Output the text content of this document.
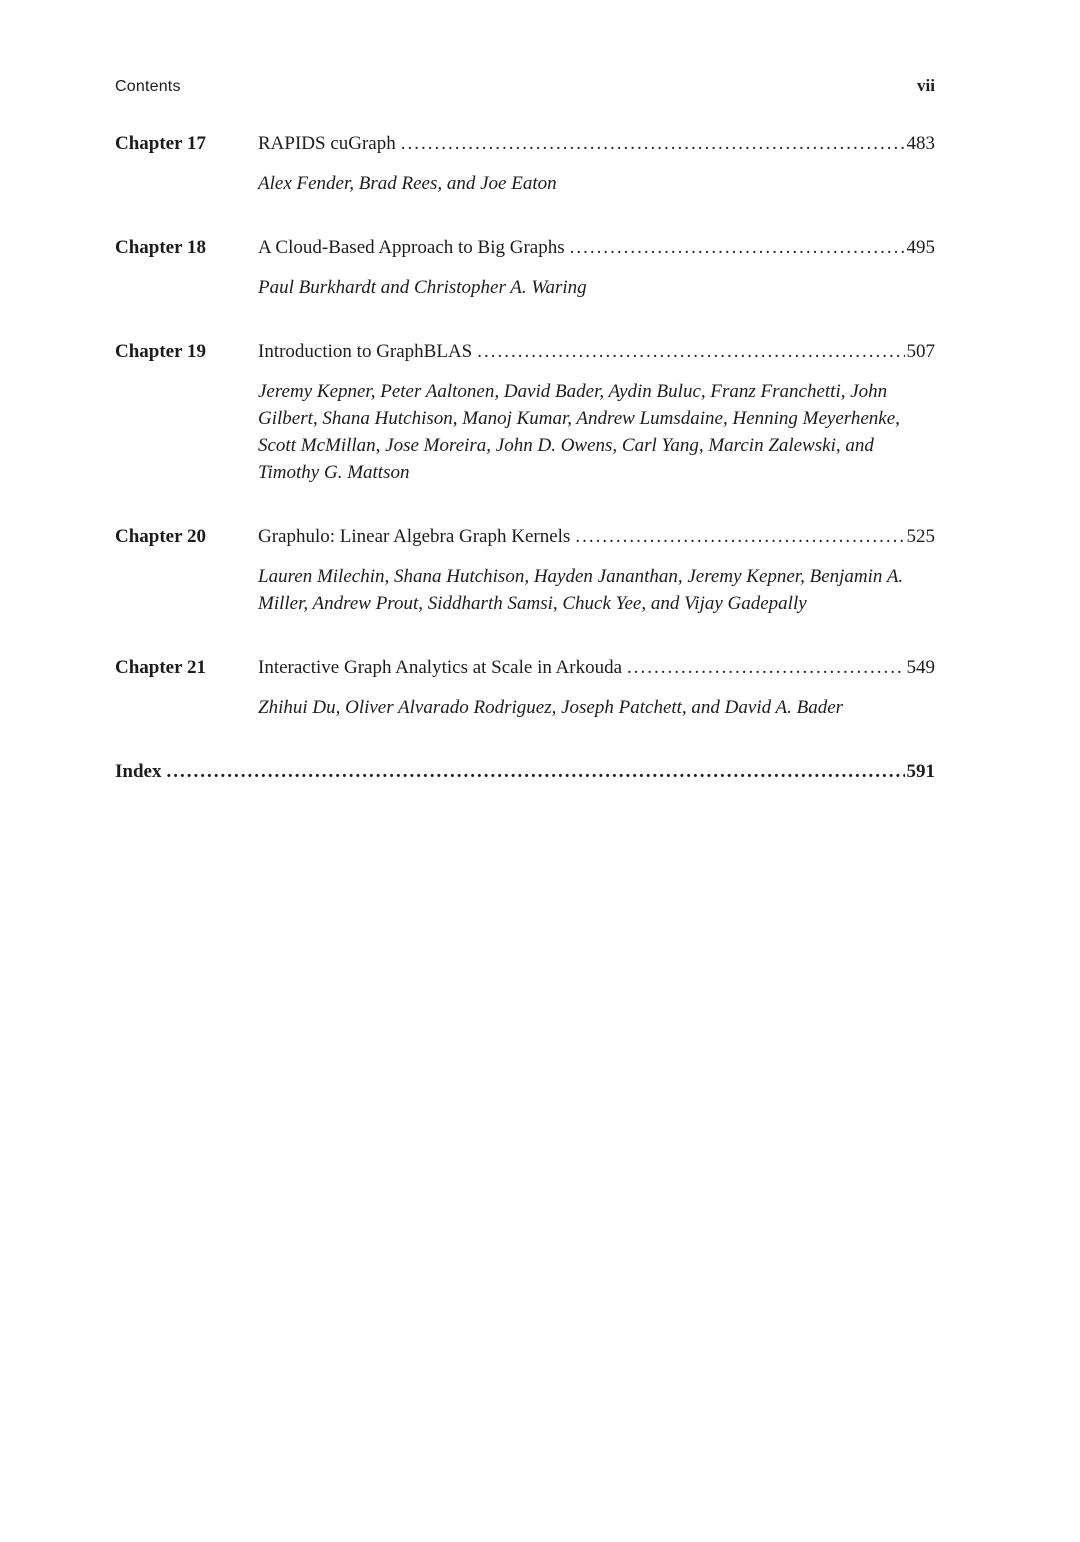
Contents	vii
Chapter 17	RAPIDS cuGraph .....	483
Alex Fender, Brad Rees, and Joe Eaton
Chapter 18	A Cloud-Based Approach to Big Graphs .....	495
Paul Burkhardt and Christopher A. Waring
Chapter 19	Introduction to GraphBLAS .....	507
Jeremy Kepner, Peter Aaltonen, David Bader, Aydin Buluc, Franz Franchetti, John Gilbert, Shana Hutchison, Manoj Kumar, Andrew Lumsdaine, Henning Meyerhenke, Scott McMillan, Jose Moreira, John D. Owens, Carl Yang, Marcin Zalewski, and Timothy G. Mattson
Chapter 20	Graphulo: Linear Algebra Graph Kernels .....	525
Lauren Milechin, Shana Hutchison, Hayden Jananthan, Jeremy Kepner, Benjamin A. Miller, Andrew Prout, Siddharth Samsi, Chuck Yee, and Vijay Gadepally
Chapter 21	Interactive Graph Analytics at Scale in Arkouda .....	549
Zhihui Du, Oliver Alvarado Rodriguez, Joseph Patchett, and David A. Bader
Index .....	591
